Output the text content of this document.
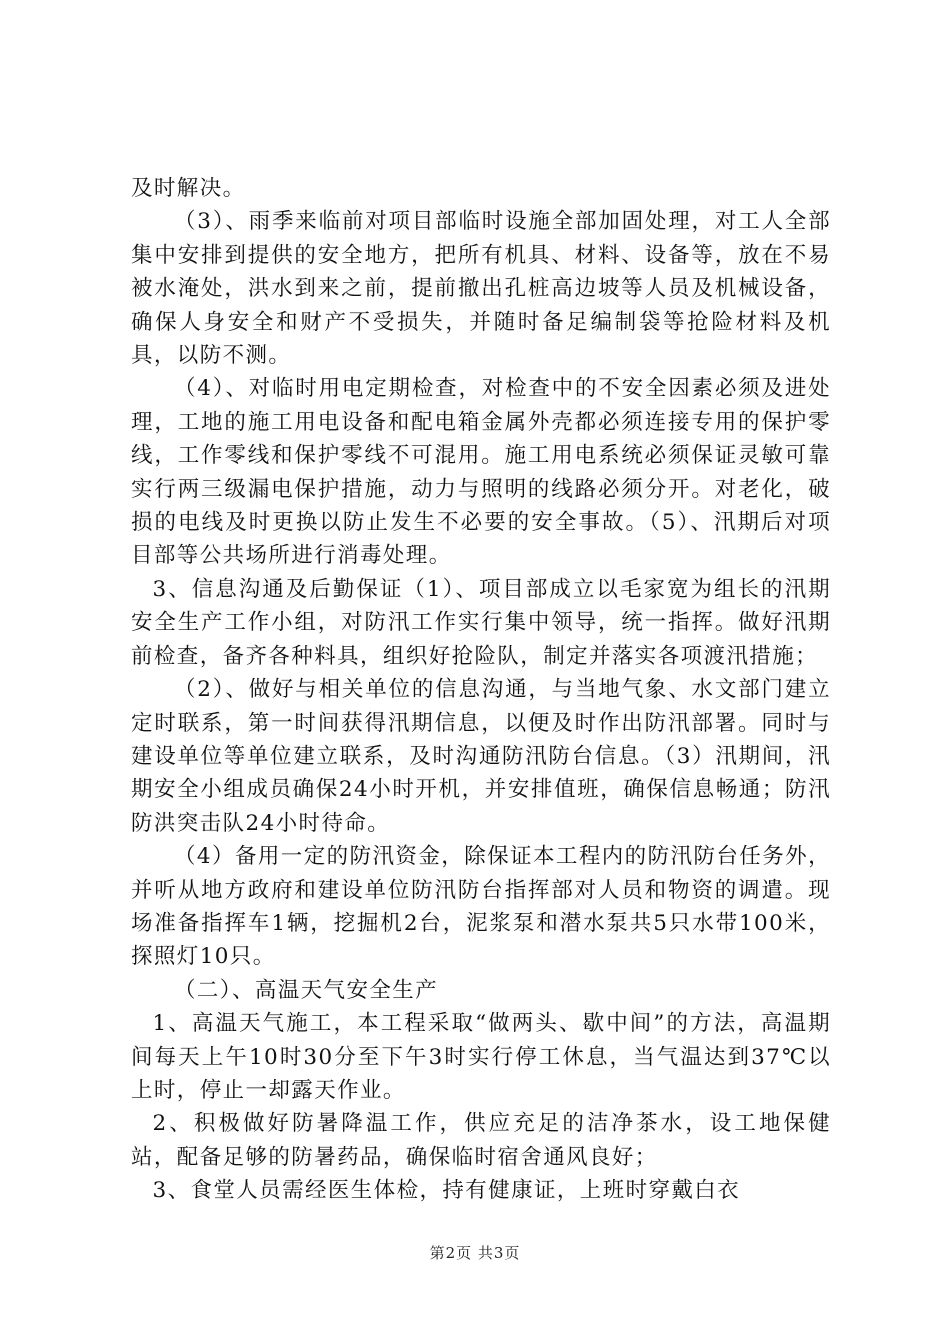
及时解决。

（3）、雨季来临前对项目部临时设施全部加固处理，对工人全部集中安排到提供的安全地方，把所有机具、材料、设备等，放在不易被水淹处，洪水到来之前，提前撤出孔桩高边坡等人员及机械设备，确保人身安全和财产不受损失，并随时备足编制袋等抢险材料及机具，以防不测。

（4）、对临时用电定期检查，对检查中的不安全因素必须及进处理，工地的施工用电设备和配电箱金属外壳都必须连接专用的保护零线，工作零线和保护零线不可混用。施工用电系统必须保证灵敏可靠实行两三级漏电保护措施，动力与照明的线路必须分开。对老化，破损的电线及时更换以防止发生不必要的安全事故。（5）、汛期后对项目部等公共场所进行消毒处理。

3、信息沟通及后勤保证（1）、项目部成立以毛家宽为组长的汛期安全生产工作小组，对防汛工作实行集中领导，统一指挥。做好汛期前检查，备齐各种料具，组织好抢险队，制定并落实各项渡汛措施；

（2）、做好与相关单位的信息沟通，与当地气象、水文部门建立定时联系，第一时间获得汛期信息，以便及时作出防汛部署。同时与建设单位等单位建立联系，及时沟通防汛防台信息。（3）汛期间，汛期安全小组成员确保24小时开机，并安排值班，确保信息畅通；防汛防洪突击队24小时待命。

（4）备用一定的防汛资金，除保证本工程内的防汛防台任务外，并听从地方政府和建设单位防汛防台指挥部对人员和物资的调遣。现场准备指挥车1辆，挖掘机2台，泥浆泵和潜水泵共5只水带100米，探照灯10只。

（二）、高温天气安全生产

1、高温天气施工，本工程采取“做两头、歇中间”的方法，高温期间每天上午10时30分至下午3时实行停工休息，当气温达到37℃以上时，停止一却露天作业。

2、积极做好防暑降温工作，供应充足的洁净茶水，设工地保健站，配备足够的防暑药品，确保临时宿舍通风良好；

3、食堂人员需经医生体检，持有健康证，上班时穿戴白衣

第2页 共3页
